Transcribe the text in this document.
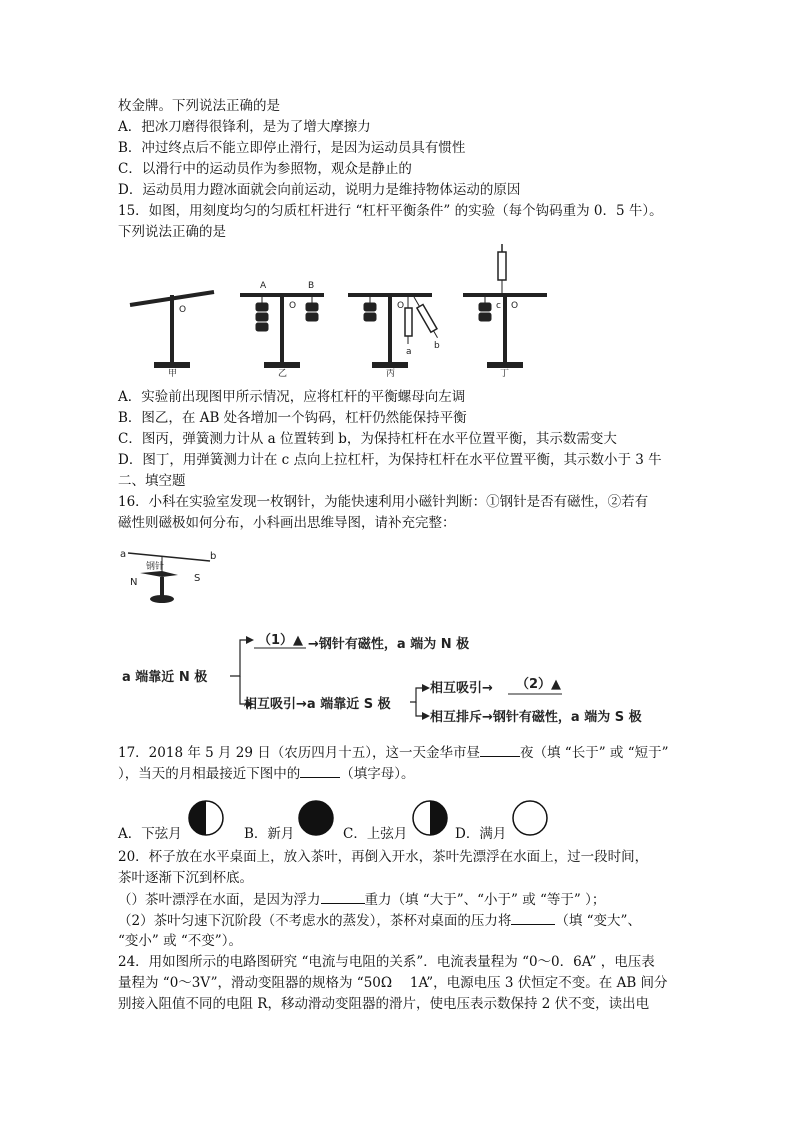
枚金牌。下列说法正确的是
A．把冰刀磨得很锋利，是为了增大摩擦力
B．冲过终点后不能立即停止滑行，是因为运动员具有惯性
C．以滑行中的运动员作为参照物，观众是静止的
D．运动员用力蹬冰面就会向前运动，说明力是维持物体运动的原因
15．如图，用刻度均匀的匀质杠杆进行 “杠杆平衡条件” 的实验（每个钩码重为 0．5 牛）。
下列说法正确的是
O
甲
A	B
O
乙
O
a
b
丙
c O
丁
A．实验前出现图甲所示情况，应将杠杆的平衡螺母向左调
B．图乙，在 AB 处各增加一个钩码，杠杆仍然能保持平衡
C．图丙，弹簧测力计从 a 位置转到 b，为保持杠杆在水平位置平衡，其示数需变大
D．图丁，用弹簧测力计在 c 点向上拉杠杆，为保持杠杆在水平位置平衡，其示数小于 3 牛
二、填空题
16．小科在实验室发现一枚钢针，为能快速利用小磁针判断：①钢针是否有磁性，②若有
磁性则磁极如何分布，小科画出思维导图，请补充完整：
a	b
钢针
N	S
a 端靠近 N 极
（1）▲ →钢针有磁性，a 端为 N 极
相互吸引→a 端靠近 S 极
相互吸引→ （2）▲
相互排斥→钢针有磁性，a 端为 S 极
17．2018 年 5 月 29 日（农历四月十五），这一天金华市昼	夜（填 “长于” 或 “短于”
），当天的月相最接近下图中的	（填字母）。
A．下弦月	B．新月	C．上弦月	D．满月
20．杯子放在水平桌面上，放入茶叶，再倒入开水，茶叶先漂浮在水面上，过一段时间，
茶叶逐渐下沉到杯底。
（）茶叶漂浮在水面，是因为浮力	重力（填 “大于”、“小于” 或 “等于” ）；
（2）茶叶匀速下沉阶段（不考虑水的蒸发），茶杯对桌面的压力将	（填 “变大”、
“变小” 或 “不变”）。
24．用如图所示的电路图研究 “电流与电阻的关系”．电流表量程为 “0～0．6A” ，电压表
量程为 “0～3V”，滑动变阻器的规格为 “50Ω　 1A”，电源电压 3 伏恒定不变。在 AB 间分
别接入阻值不同的电阻 R，移动滑动变阻器的滑片，使电压表示数保持 2 伏不变，读出电
